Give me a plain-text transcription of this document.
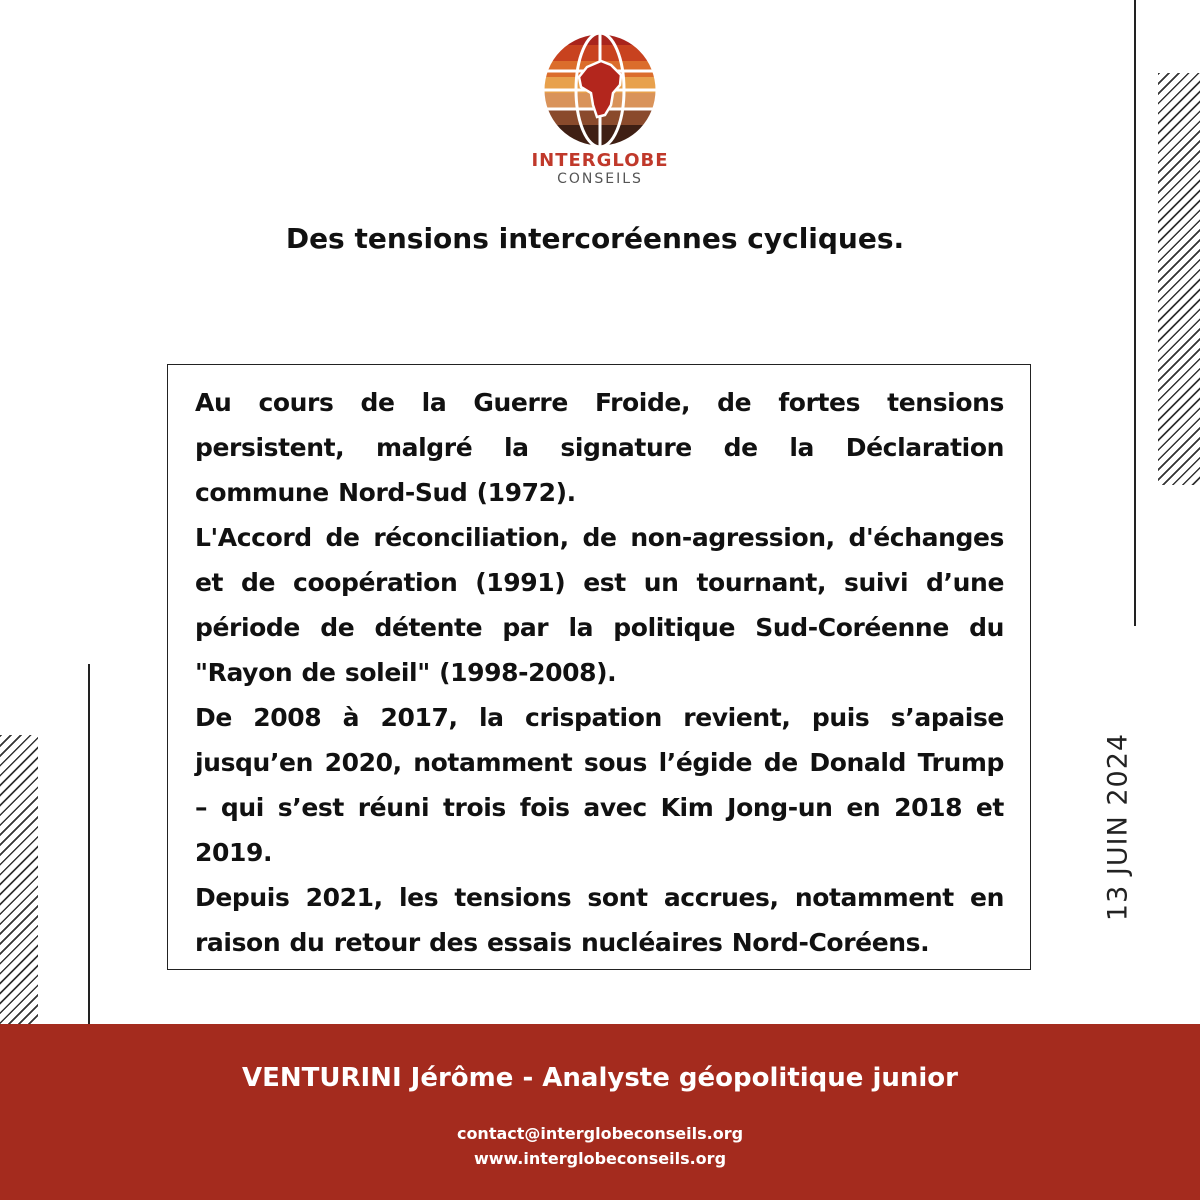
INTERGLOBE
CONSEILS
Des tensions intercoréennes cycliques.

Au cours de la Guerre Froide, de fortes tensions persistent, malgré la signature de la Déclaration commune Nord-Sud (1972).

L'Accord de réconciliation, de non-agression, d'échanges et de coopération (1991) est un tournant, suivi d’une période de détente par la politique Sud-Coréenne du "Rayon de soleil" (1998-2008).

De 2008 à 2017, la crispation revient, puis s’apaise jusqu’en 2020, notamment sous l’égide de Donald Trump – qui s’est réuni trois fois avec Kim Jong-un en 2018 et 2019.

Depuis 2021, les tensions sont accrues, notamment en raison du retour des essais nucléaires Nord-Coréens.

13 JUIN 2024
VENTURINI Jérôme - Analyste géopolitique junior
contact@interglobeconseils.org
www.interglobeconseils.org
